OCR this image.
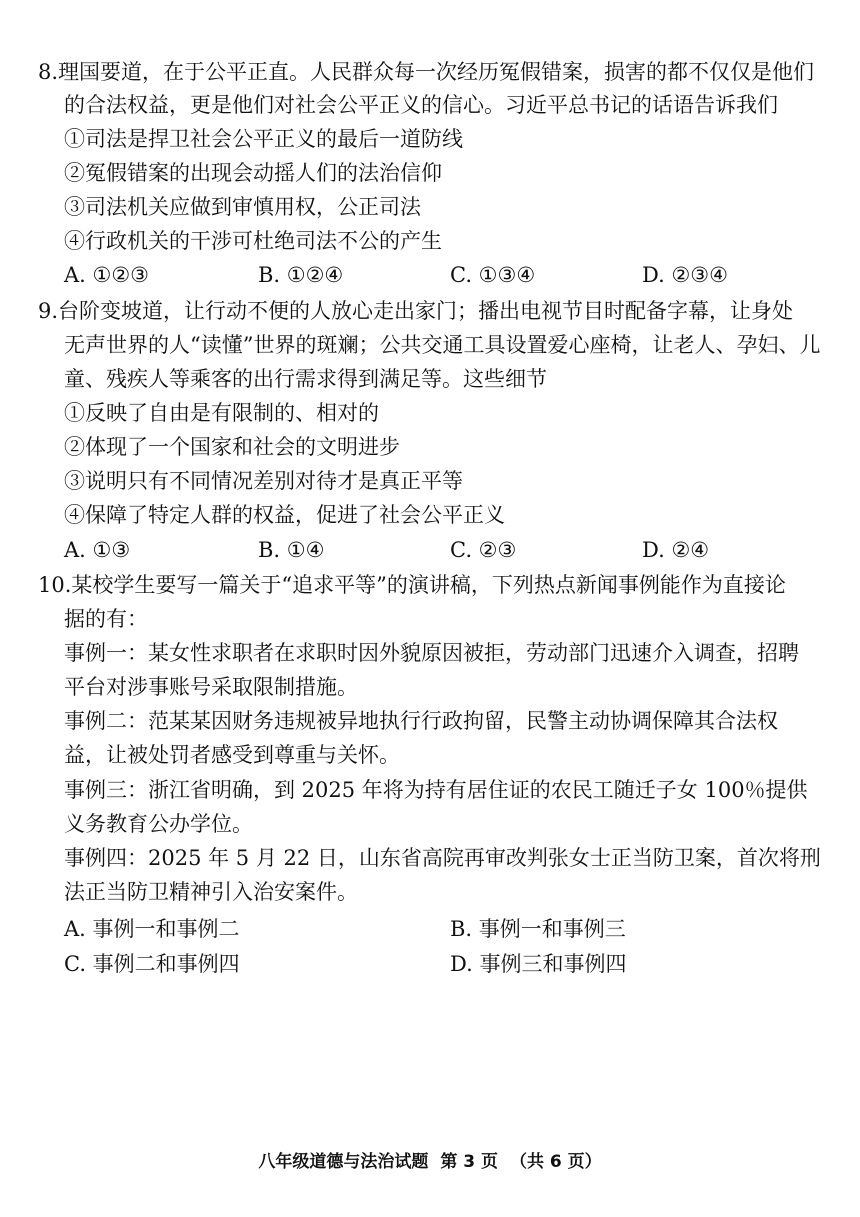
8.理国要道，在于公平正直。人民群众每一次经历冤假错案，损害的都不仅仅是他们
的合法权益，更是他们对社会公平正义的信心。习近平总书记的话语告诉我们
①司法是捍卫社会公平正义的最后一道防线
②冤假错案的出现会动摇人们的法治信仰
③司法机关应做到审慎用权，公正司法
④行政机关的干涉可杜绝司法不公的产生
A. ①②③	B. ①②④	C. ①③④	D. ②③④
9.台阶变坡道，让行动不便的人放心走出家门；播出电视节目时配备字幕，让身处
无声世界的人“读懂”世界的斑斓；公共交通工具设置爱心座椅，让老人、孕妇、儿
童、残疾人等乘客的出行需求得到满足等。这些细节
①反映了自由是有限制的、相对的
②体现了一个国家和社会的文明进步
③说明只有不同情况差别对待才是真正平等
④保障了特定人群的权益，促进了社会公平正义
A. ①③	B. ①④	C. ②③	D. ②④
10.某校学生要写一篇关于“追求平等”的演讲稿，下列热点新闻事例能作为直接论
据的有：
事例一：某女性求职者在求职时因外貌原因被拒，劳动部门迅速介入调查，招聘
平台对涉事账号采取限制措施。
事例二：范某某因财务违规被异地执行行政拘留，民警主动协调保障其合法权
益，让被处罚者感受到尊重与关怀。
事例三：浙江省明确，到 2025 年将为持有居住证的农民工随迁子女 100％提供
义务教育公办学位。
事例四：2025 年 5 月 22 日，山东省高院再审改判张女士正当防卫案，首次将刑
法正当防卫精神引入治安案件。
A. 事例一和事例二	B. 事例一和事例三
C. 事例二和事例四	D. 事例三和事例四
八年级道德与法治试题 第 3 页 （共 6 页）
